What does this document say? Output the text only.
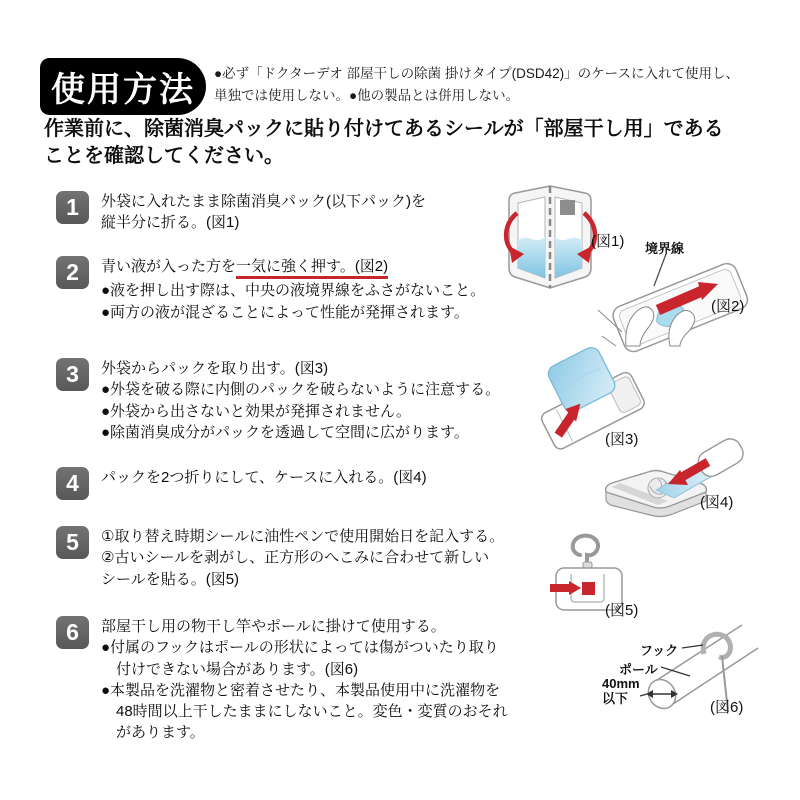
使用方法 ●必ず「ドクターデオ 部屋干しの除菌 掛けタイプ(DSD42)」のケースに入れて使用し、
単独では使用しない。●他の製品とは併用しない。
作業前に、除菌消臭パックに貼り付けてあるシールが「部屋干し用」である
ことを確認してください。
1	外袋に入れたまま除菌消臭パック(以下パック)を
縦半分に折る。(図1)
2	青い液が入った方を一気に強く押す。(図2)
●液を押し出す際は、中央の液境界線をふさがないこと。
●両方の液が混ざることによって性能が発揮されます。
3	外袋からパックを取り出す。(図3)
●外袋を破る際に内側のパックを破らないように注意する。
●外袋から出さないと効果が発揮されません。
●除菌消臭成分がパックを透過して空間に広がります。
4	パックを2つ折りにして、ケースに入れる。(図4)
5	①取り替え時期シールに油性ペンで使用開始日を記入する。
②古いシールを剥がし、正方形のへこみに合わせて新しい
シールを貼る。(図5)
6	部屋干し用の物干し竿やポールに掛けて使用する。
●付属のフックはポールの形状によっては傷がついたり取り
付けできない場合があります。(図6)
●本製品を洗濯物と密着させたり、本製品使用中に洗濯物を
48時間以上干したままにしないこと。変色・変質のおそれ
があります。
(図1) 境界線
(図2)
(図3)
(図4)
(図5)
フック
ポール
40mm
以下
(図6)
